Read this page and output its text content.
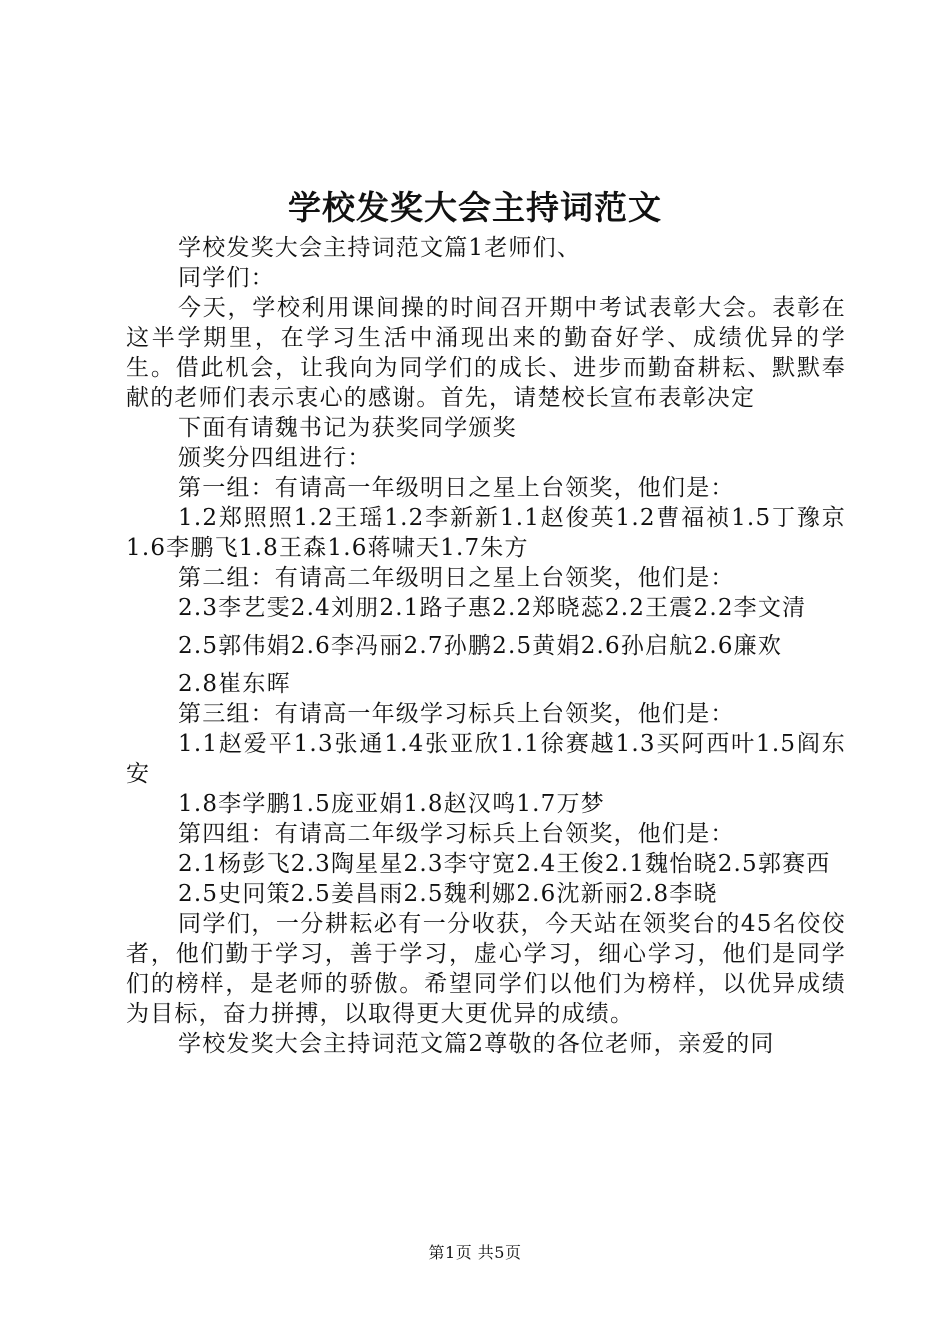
学校发奖大会主持词范文

学校发奖大会主持词范文篇1老师们、

同学们：

今天，学校利用课间操的时间召开期中考试表彰大会。表彰在这半学期里，在学习生活中涌现出来的勤奋好学、成绩优异的学生。借此机会，让我向为同学们的成长、进步而勤奋耕耘、默默奉献的老师们表示衷心的感谢。首先，请楚校长宣布表彰决定

下面有请魏书记为获奖同学颁奖

颁奖分四组进行：

第一组：有请高一年级明日之星上台领奖，他们是：

1.2郑照照1.2王瑶1.2李新新1.1赵俊英1.2曹福祯1.5丁豫京1.6李鹏飞1.8王森1.6蒋啸天1.7朱方

第二组：有请高二年级明日之星上台领奖，他们是：

2.3李艺雯2.4刘朋2.1路子惠2.2郑晓蕊2.2王震2.2李文清

2.5郭伟娟2.6李冯丽2.7孙鹏2.5黄娟2.6孙启航2.6廉欢

2.8崔东晖

第三组：有请高一年级学习标兵上台领奖，他们是：

1.1赵爱平1.3张通1.4张亚欣1.1徐赛越1.3买阿西叶1.5阎东安

1.8李学鹏1.5庞亚娟1.8赵汉鸣1.7万梦

第四组：有请高二年级学习标兵上台领奖，他们是：

2.1杨彭飞2.3陶星星2.3李守宽2.4王俊2.1魏怡晓2.5郭赛西

2.5史冋策2.5姜昌雨2.5魏利娜2.6沈新丽2.8李晓

同学们，一分耕耘必有一分收获，今天站在领奖台的45名佼佼者，他们勤于学习，善于学习，虚心学习，细心学习，他们是同学们的榜样，是老师的骄傲。希望同学们以他们为榜样，以优异成绩为目标，奋力拼搏，以取得更大更优异的成绩。

学校发奖大会主持词范文篇2尊敬的各位老师，亲爱的同

第1页 共5页
